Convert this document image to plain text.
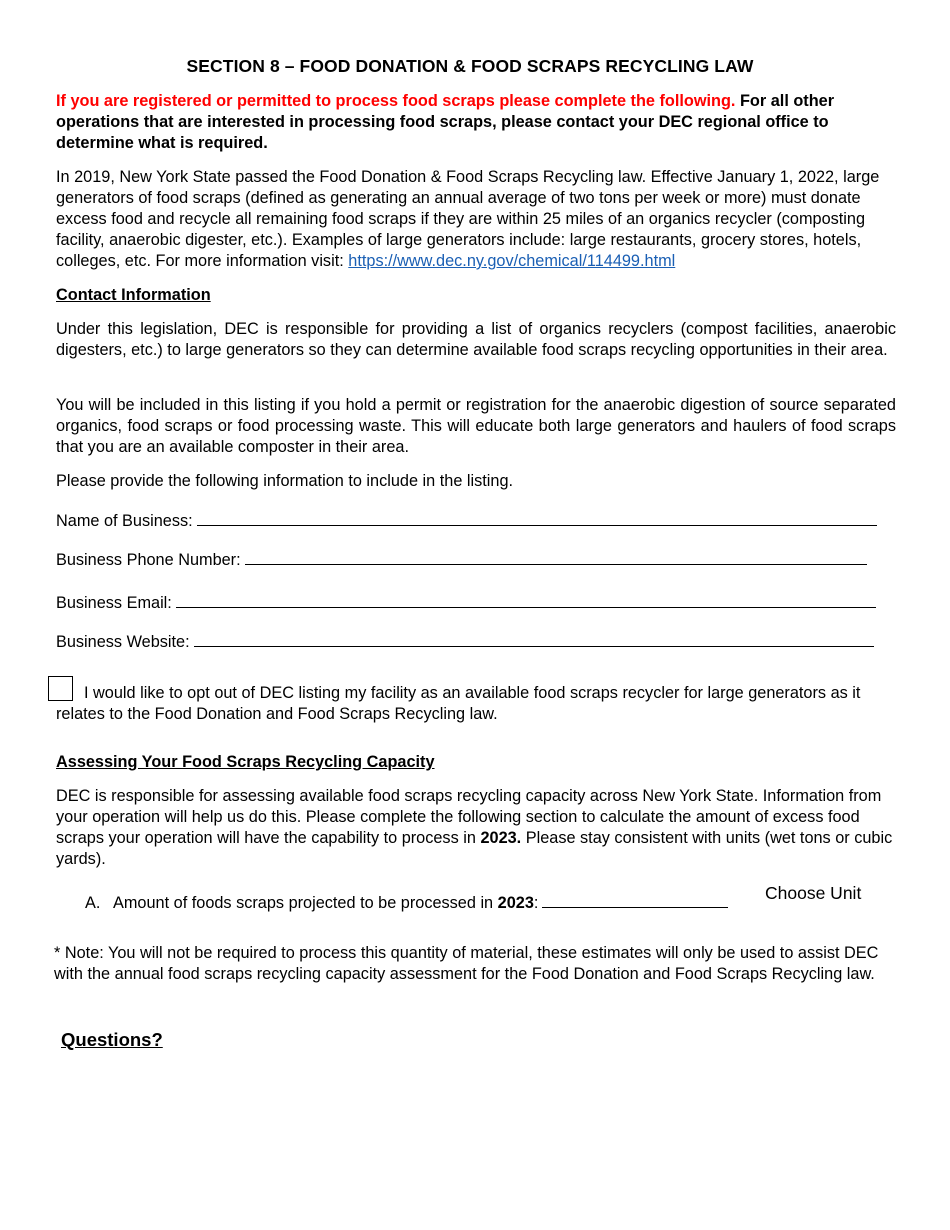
SECTION 8 – FOOD DONATION & FOOD SCRAPS RECYCLING LAW
If you are registered or permitted to process food scraps please complete the following. For all other operations that are interested in processing food scraps, please contact your DEC regional office to determine what is required.

In 2019, New York State passed the Food Donation & Food Scraps Recycling law. Effective January 1, 2022, large generators of food scraps (defined as generating an annual average of two tons per week or more) must donate excess food and recycle all remaining food scraps if they are within 25 miles of an organics recycler (composting facility, anaerobic digester, etc.). Examples of large generators include: large restaurants, grocery stores, hotels, colleges, etc. For more information visit: https://www.dec.ny.gov/chemical/114499.html

Contact Information

Under this legislation, DEC is responsible for providing a list of organics recyclers (compost facilities, anaerobic digesters, etc.) to large generators so they can determine available food scraps recycling opportunities in their area.

You will be included in this listing if you hold a permit or registration for the anaerobic digestion of source separated organics, food scraps or food processing waste. This will educate both large generators and haulers of food scraps that you are an available composter in their area.

Please provide the following information to include in the listing.

Name of Business:
Business Phone Number:
Business Email:
Business Website:
I would like to opt out of DEC listing my facility as an available food scraps recycler for large generators as it relates to the Food Donation and Food Scraps Recycling law.
Assessing Your Food Scraps Recycling Capacity

DEC is responsible for assessing available food scraps recycling capacity across New York State. Information from your operation will help us do this. Please complete the following section to calculate the amount of excess food scraps your operation will have the capability to process in 2023. Please stay consistent with units (wet tons or cubic yards).

A. Amount of foods scraps projected to be processed in
2023 :	Choose Unit
* Note: You will not be required to process this quantity of material, these estimates will only be used to assist DEC with the annual food scraps recycling capacity assessment for the Food Donation and Food Scraps Recycling law.
Questions?
